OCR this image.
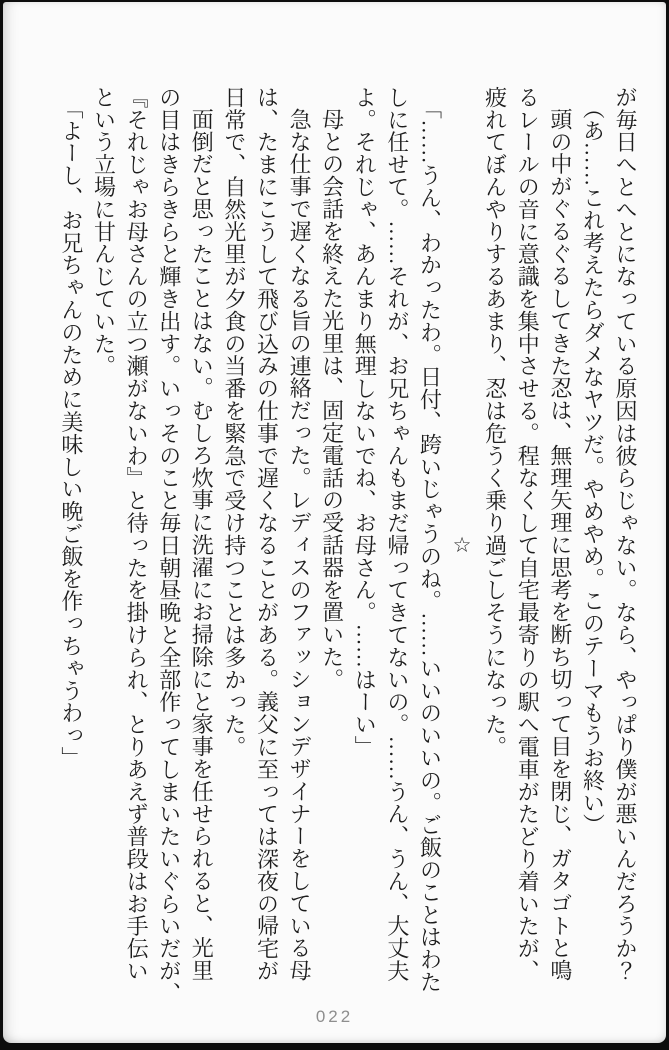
が毎日へとへとになっている原因は彼らじゃない。なら、やっぱり僕が悪いんだろうか？
（あ……これ考えたらダメなヤツだ。やめやめ。このテーマもうお終い）
頭の中がぐるぐるしてきた忍は、無理矢理に思考を断ち切って目を閉じ、ガタゴトと鳴
るレールの音に意識を集中させる。程なくして自宅最寄りの駅へ電車がたどり着いたが、
疲れてぼんやりするあまり、忍は危うく乗り過ごしそうになった。
☆
「……うん、わかったわ。日付、跨いじゃうのね。……いいのいいの。ご飯のことはわた
しに任せて。……それが、お兄ちゃんもまだ帰ってきてないの。……うん、うん、大丈夫
よ。それじゃ、あんまり無理しないでね、お母さん。……はーい」
母との会話を終えた光里は、固定電話の受話器を置いた。
急な仕事で遅くなる旨の連絡だった。レディスのファッションデザイナーをしている母
は、たまにこうして飛び込みの仕事で遅くなることがある。義父に至っては深夜の帰宅が
日常で、自然光里が夕食の当番を緊急で受け持つことは多かった。
面倒だと思ったことはない。むしろ炊事に洗濯にお掃除にと家事を任せられると、光里
の目はきらきらと輝き出す。いっそのこと毎日朝昼晩と全部作ってしまいたいぐらいだが、
『それじゃお母さんの立つ瀬がないわ』と待ったを掛けられ、とりあえず普段はお手伝い
という立場に甘んじていた。
「よーし、お兄ちゃんのために美味しい晩ご飯を作っちゃうわっ」
022
